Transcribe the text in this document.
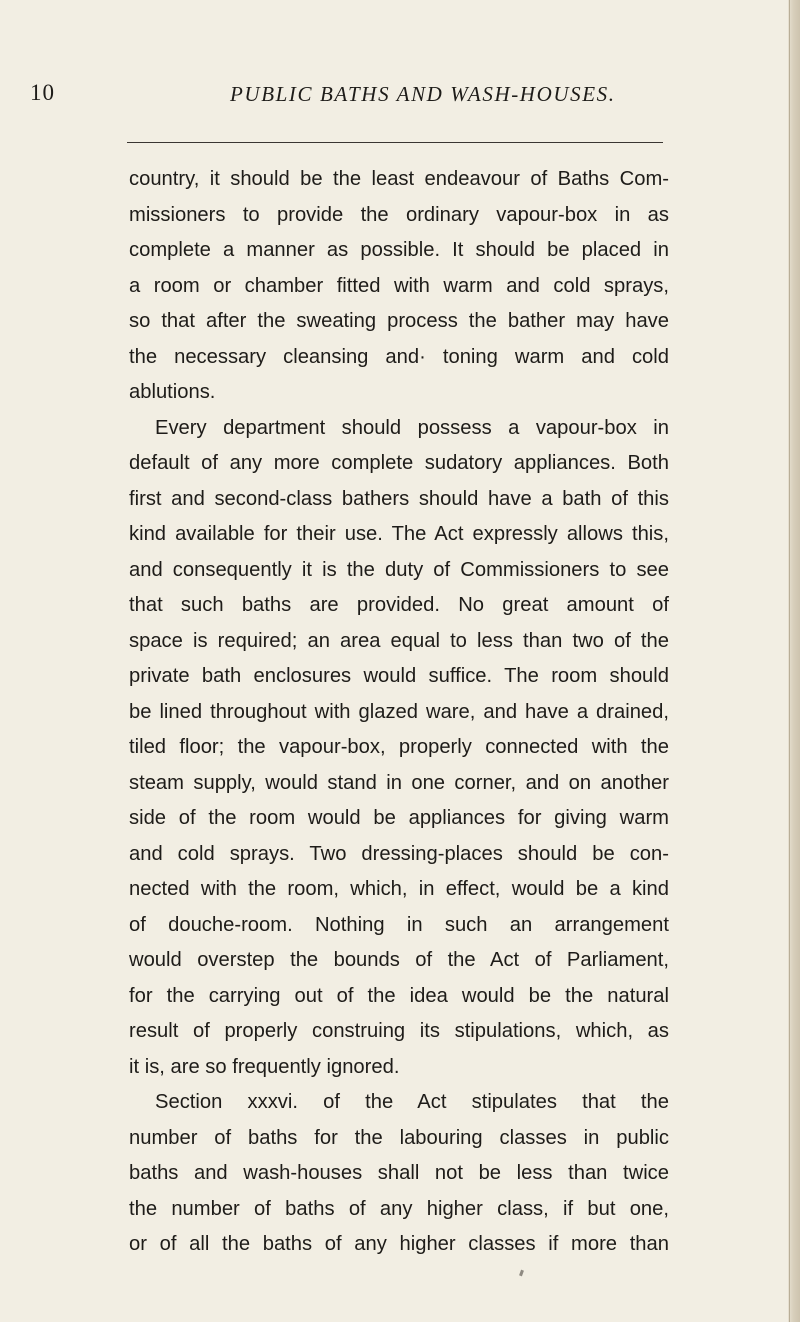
10	PUBLIC BATHS AND WASH-HOUSES.
country, it should be the least endeavour of Baths Com-
missioners to provide the ordinary vapour-box in as
complete a manner as possible. It should be placed in
a room or chamber fitted with warm and cold sprays,
so that after the sweating process the bather may have
the necessary cleansing and· toning warm and cold
ablutions.
Every department should possess a vapour-box in
default of any more complete sudatory appliances. Both
first and second-class bathers should have a bath of this
kind available for their use. The Act expressly allows this,
and consequently it is the duty of Commissioners to see
that such baths are provided. No great amount of
space is required; an area equal to less than two of the
private bath enclosures would suffice. The room should
be lined throughout with glazed ware, and have a drained,
tiled floor; the vapour-box, properly connected with the
steam supply, would stand in one corner, and on another
side of the room would be appliances for giving warm
and cold sprays. Two dressing-places should be con-
nected with the room, which, in effect, would be a kind
of douche-room. Nothing in such an arrangement
would overstep the bounds of the Act of Parliament,
for the carrying out of the idea would be the natural
result of properly construing its stipulations, which, as
it is, are so frequently ignored.
Section xxxvi. of the Act stipulates that the
number of baths for the labouring classes in public
baths and wash-houses shall not be less than twice
the number of baths of any higher class, if but one,
or of all the baths of any higher classes if more than
